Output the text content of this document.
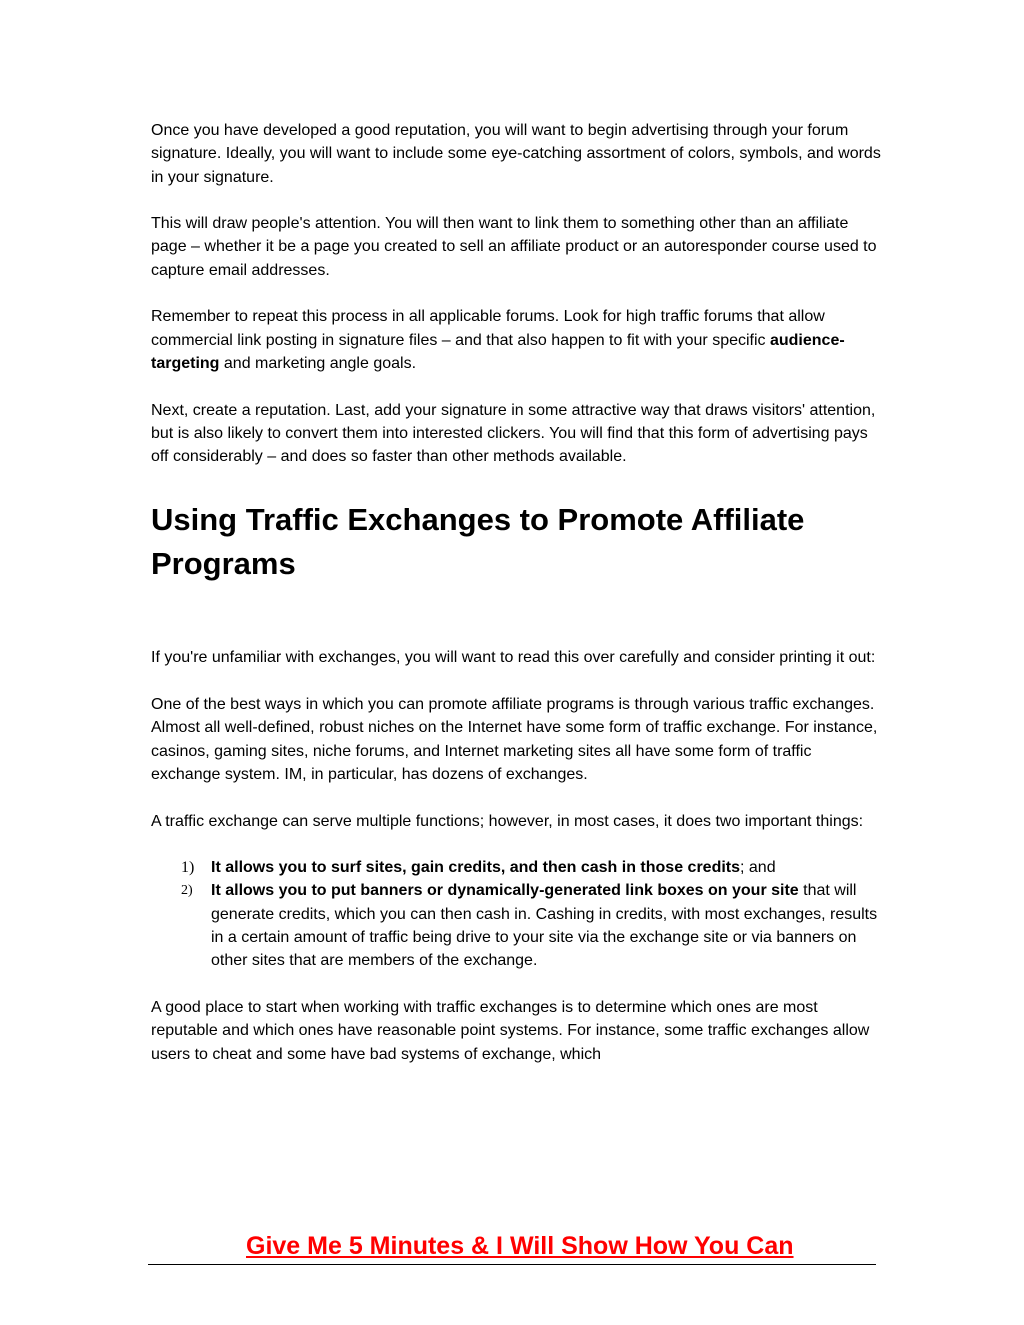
Once you have developed a good reputation, you will want to begin advertising through your forum signature. Ideally, you will want to include some eye-catching assortment of colors, symbols, and words in your signature.

This will draw people's attention. You will then want to link them to something other than an affiliate page – whether it be a page you created to sell an affiliate product or an autoresponder course used to capture email addresses.

Remember to repeat this process in all applicable forums. Look for high traffic forums that allow commercial link posting in signature files – and that also happen to fit with your specific audience-targeting and marketing angle goals.

Next, create a reputation. Last, add your signature in some attractive way that draws visitors' attention, but is also likely to convert them into interested clickers. You will find that this form of advertising pays off considerably – and does so faster than other methods available.

Using Traffic Exchanges to Promote Affiliate Programs

If you're unfamiliar with exchanges, you will want to read this over carefully and consider printing it out:

One of the best ways in which you can promote affiliate programs is through various traffic exchanges. Almost all well-defined, robust niches on the Internet have some form of traffic exchange. For instance, casinos, gaming sites, niche forums, and Internet marketing sites all have some form of traffic exchange system. IM, in particular, has dozens of exchanges.

A traffic exchange can serve multiple functions; however, in most cases, it does two important things:

1) It allows you to surf sites, gain credits, and then cash in those credits; and
2) It allows you to put banners or dynamically-generated link boxes on your site that will generate credits, which you can then cash in. Cashing in credits, with most exchanges, results in a certain amount of traffic being drive to your site via the exchange site or via banners on other sites that are members of the exchange.

A good place to start when working with traffic exchanges is to determine which ones are most reputable and which ones have reasonable point systems. For instance, some traffic exchanges allow users to cheat and some have bad systems of exchange, which

Give Me 5 Minutes & I Will Show How You Can
